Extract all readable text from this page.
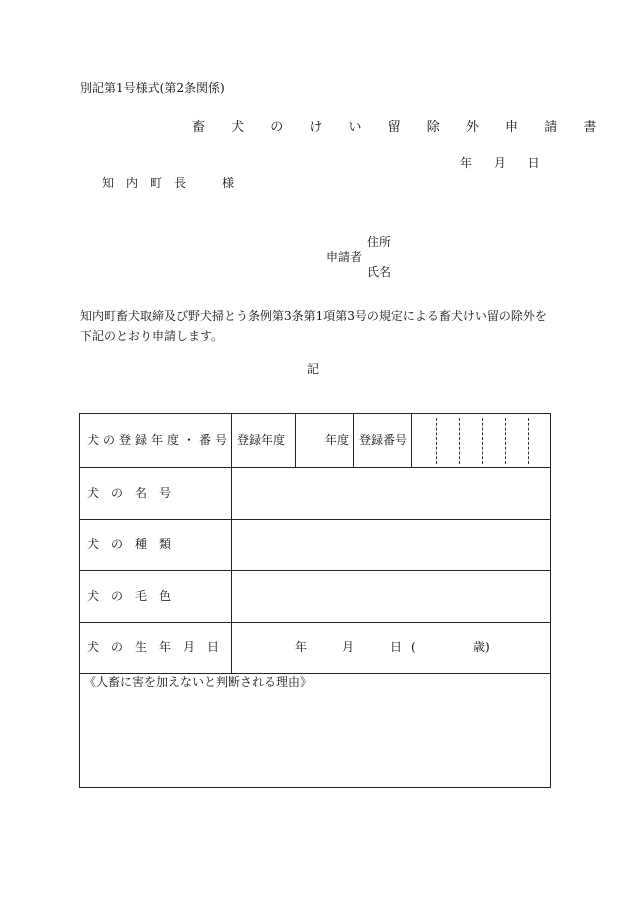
別記第1号様式(第2条関係)
畜 犬 の け い 留 除 外 申 請 書
年 月 日
知　内　町　長　　　様
住所
申請者
氏名
知内町畜犬取締及び野犬掃とう条例第3条第1項第3号の規定による畜犬けい留の除外を下記のとおり申請します。
記
犬の登録年度・番号 登録年度	年度 登録番号
犬　の　名　号
犬　の　種　類
犬　の　毛　色
犬　の　生　年　月　日	年	月	日 (	歳)
《人畜に害を加えないと判断される理由》
